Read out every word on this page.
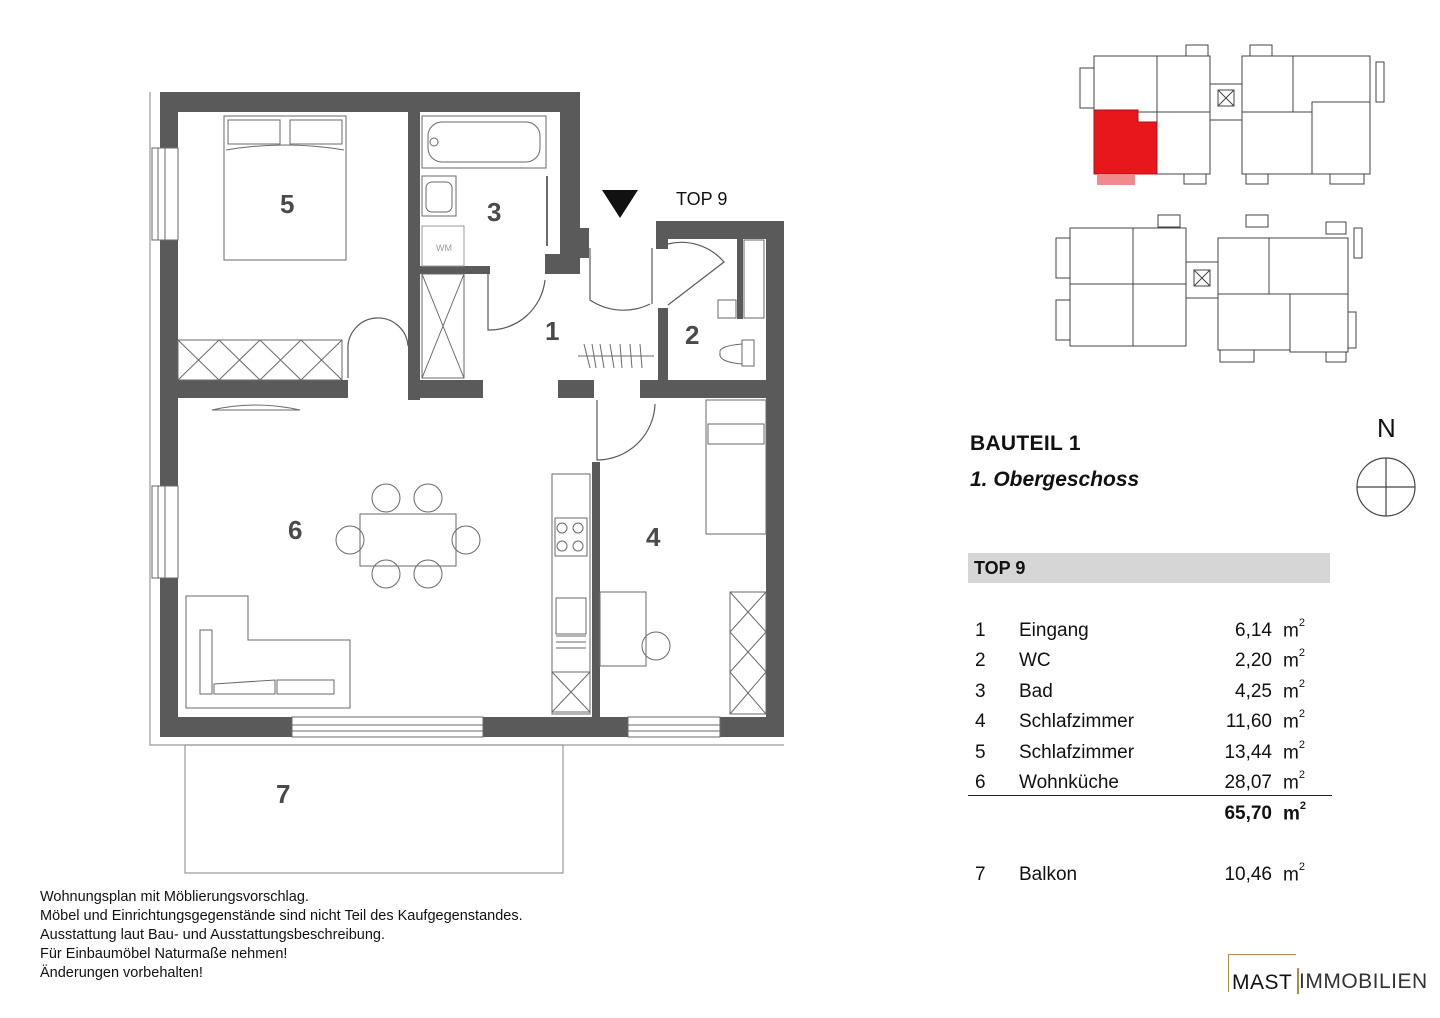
WM
TOP 9
5	3
1	2
6	4
7
BAUTEIL 1
1. Obergeschoss
N
TOP 9
1 Eingang	6,14 $m^2$
2 WC	2,20 $m^2$
3 Bad	4,25 $m^2$
4 Schlafzimmer	11,60 $m^2$
5 Schlafzimmer	13,44 $m^2$
6 Wohnküche	28,07 $m^2$
65,70 $m^2$
7 Balkon	10,46 $m^2$
Wohnungsplan mit Möblierungsvorschlag.
Möbel und Einrichtungsgegenstände sind nicht Teil des Kaufgegenstandes.
Ausstattung laut Bau- und Ausstattungsbeschreibung.
Für Einbaumöbel Naturmaße nehmen!
Änderungen vorbehalten!	MAST IMMOBILIEN
